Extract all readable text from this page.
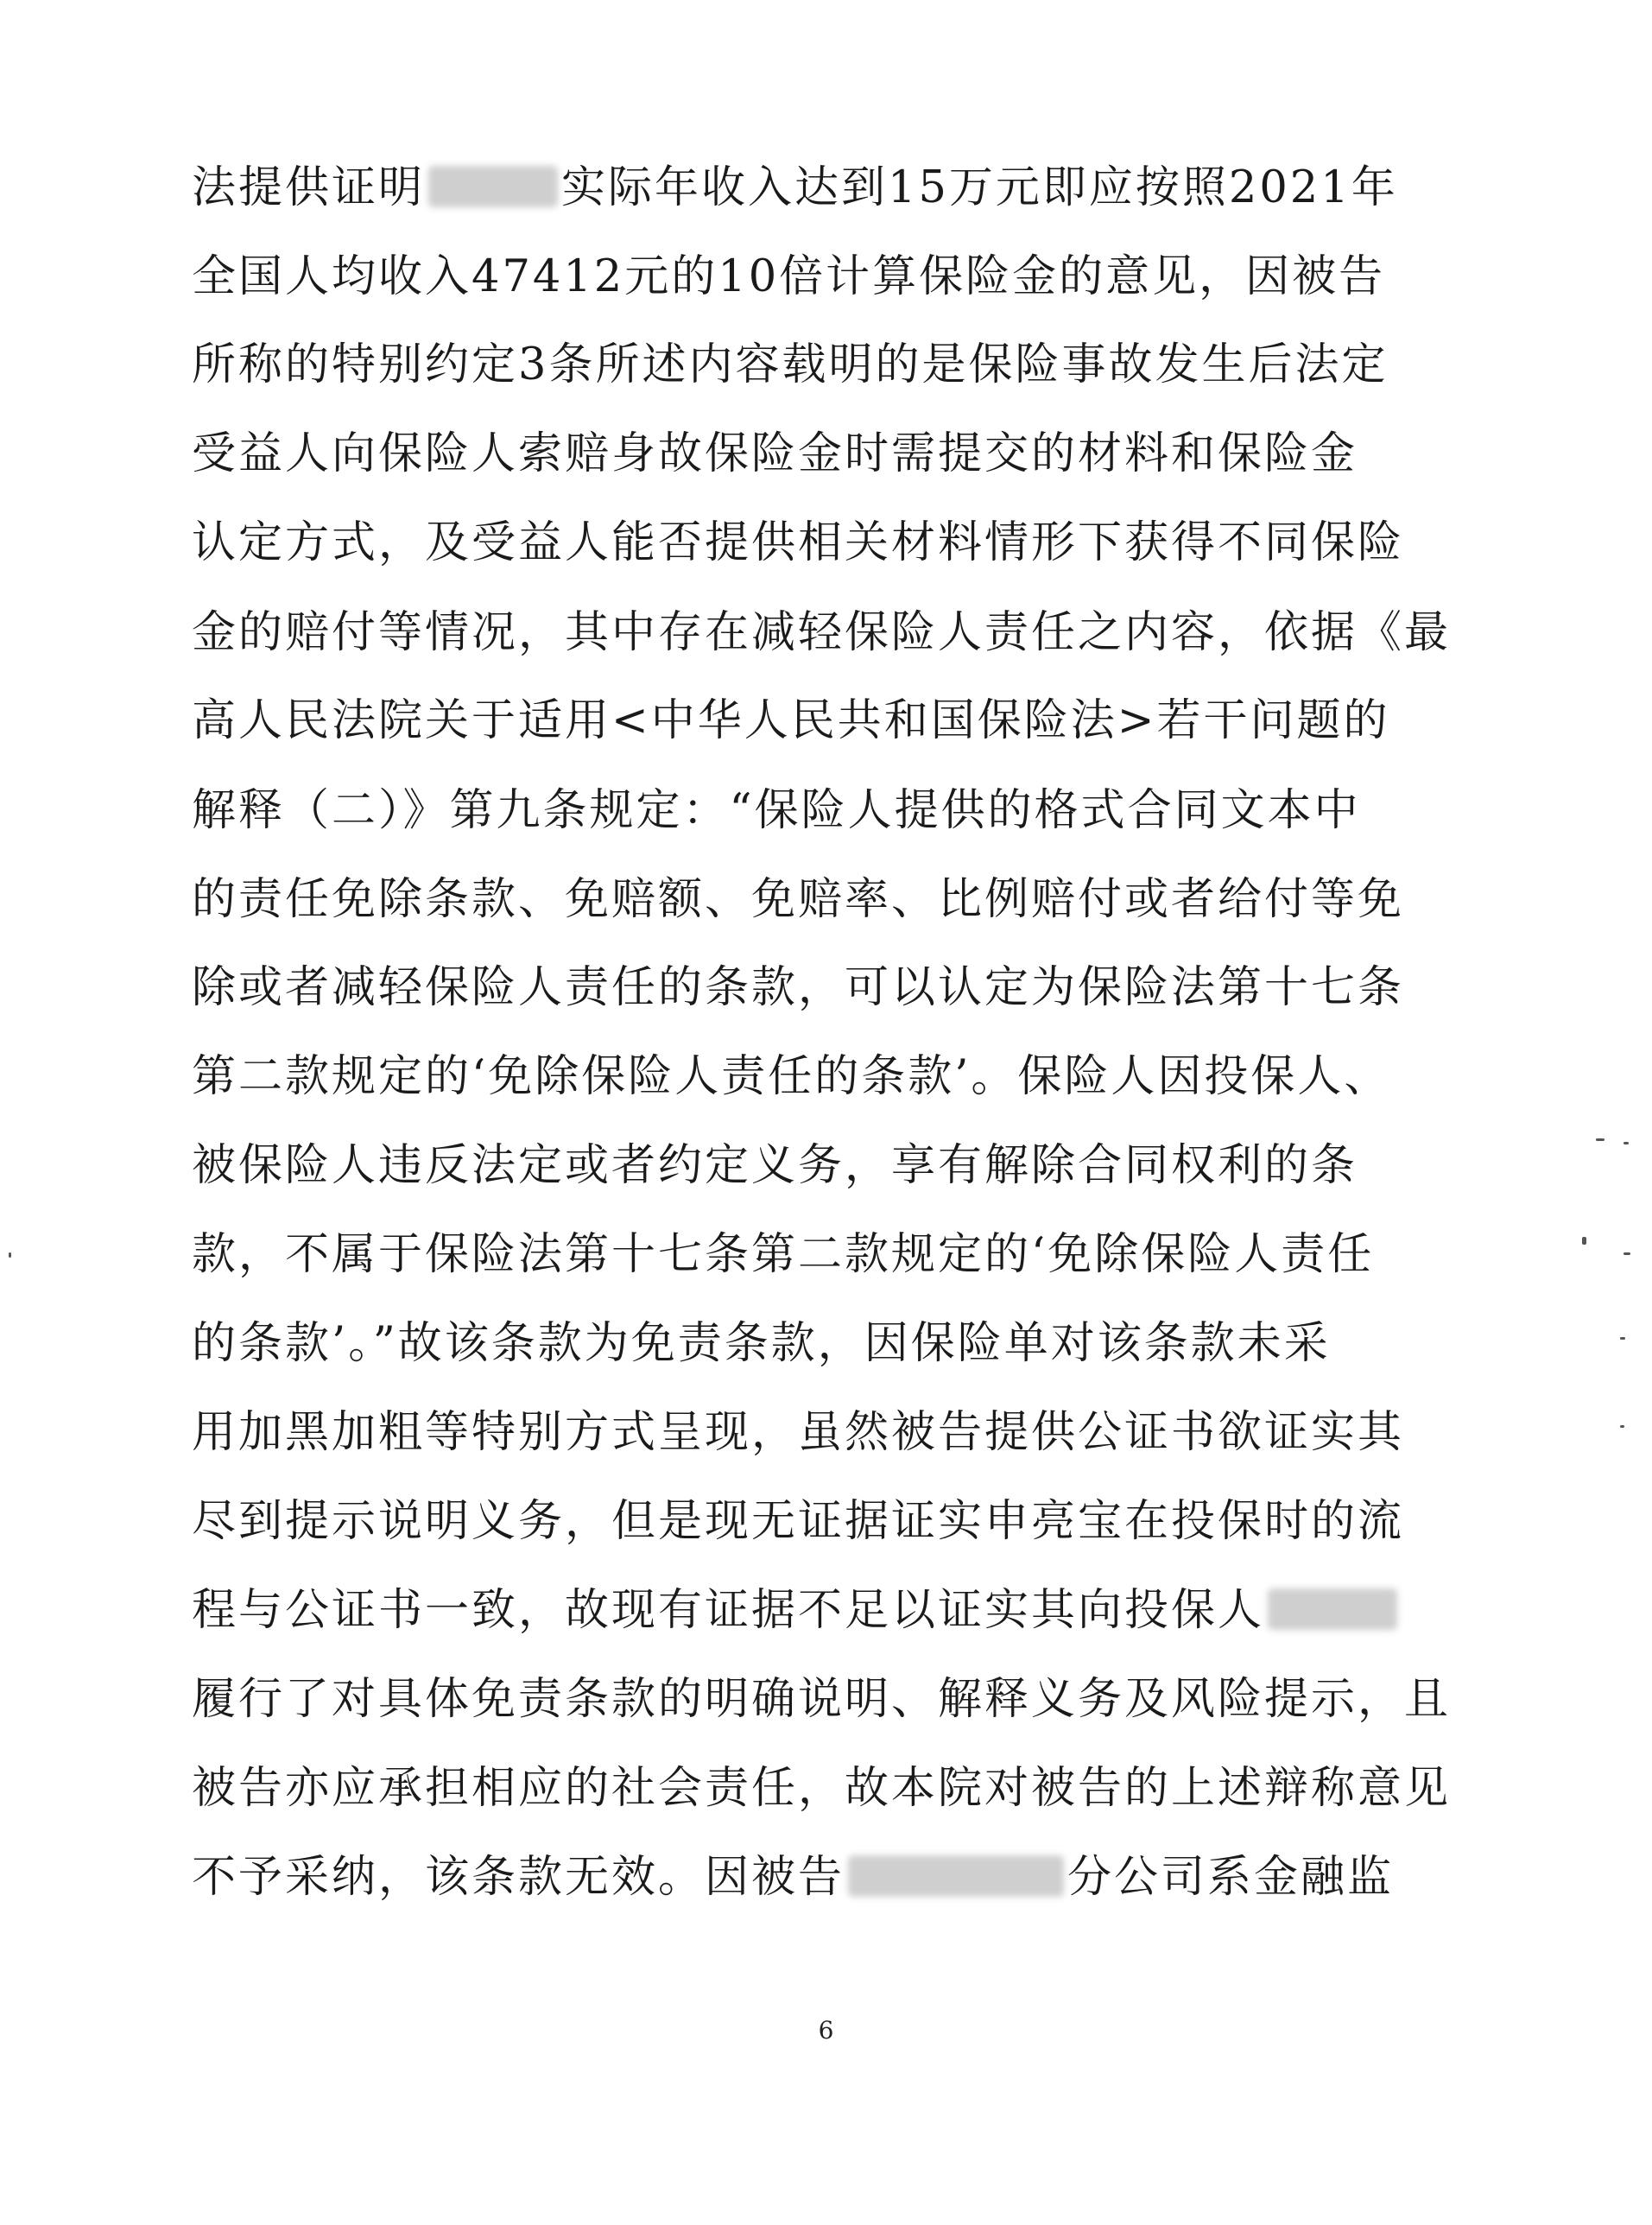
法提供证明	实际年收入达到15万元即应按照2021年
全国人均收入47412元的10倍计算保险金的意见，因被告
所称的特别约定3条所述内容载明的是保险事故发生后法定
受益人向保险人索赔身故保险金时需提交的材料和保险金
认定方式，及受益人能否提供相关材料情形下获得不同保险
金的赔付等情况，其中存在减轻保险人责任之内容，依据《最
高人民法院关于适用<中华人民共和国保险法>若干问题的
解释（二）》第九条规定：“保险人提供的格式合同文本中
的责任免除条款、免赔额、免赔率、比例赔付或者给付等免
除或者减轻保险人责任的条款，可以认定为保险法第十七条
第二款规定的‘免除保险人责任的条款’。保险人因投保人、
被保险人违反法定或者约定义务，享有解除合同权利的条
款，不属于保险法第十七条第二款规定的‘免除保险人责任
的条款’。”故该条款为免责条款，因保险单对该条款未采
用加黑加粗等特别方式呈现，虽然被告提供公证书欲证实其
尽到提示说明义务，但是现无证据证实申亮宝在投保时的流
程与公证书一致，故现有证据不足以证实其向投保人
履行了对具体免责条款的明确说明、解释义务及风险提示，且
被告亦应承担相应的社会责任，故本院对被告的上述辩称意见
不予采纳，该条款无效。因被告	分公司系金融监
6
